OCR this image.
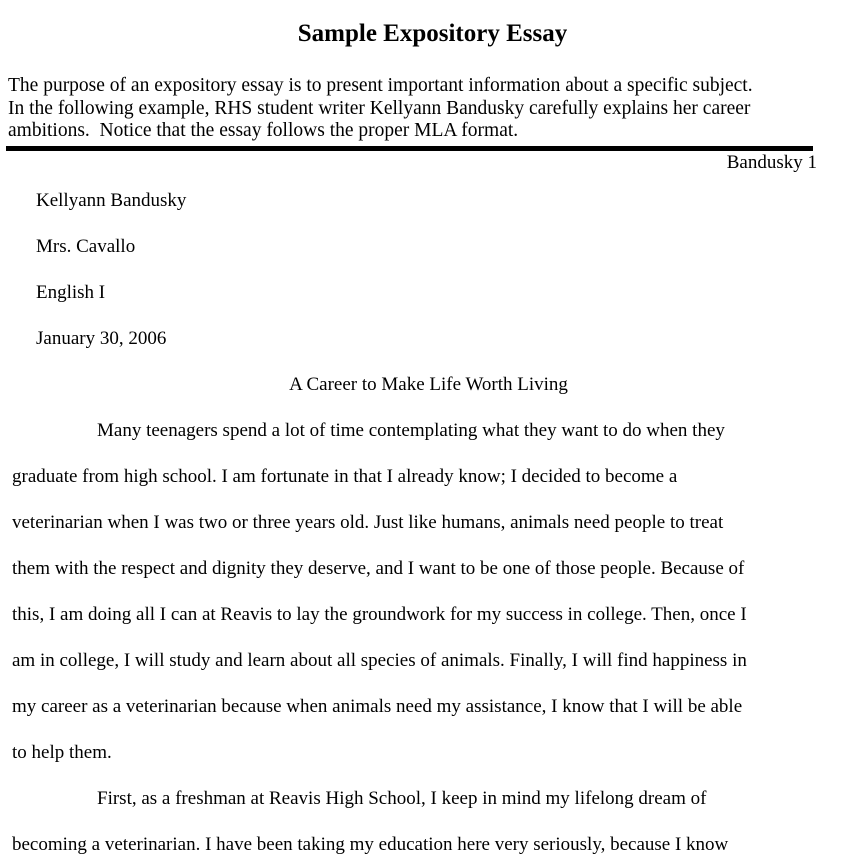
Sample Expository Essay
The purpose of an expository essay is to present important information about a specific subject.
In the following example, RHS student writer Kellyann Bandusky carefully explains her career
ambitions.  Notice that the essay follows the proper MLA format.
Bandusky 1
Kellyann Bandusky
Mrs. Cavallo
English I
January 30, 2006
A Career to Make Life Worth Living
Many teenagers spend a lot of time contemplating what they want to do when they
graduate from high school. I am fortunate in that I already know; I decided to become a
veterinarian when I was two or three years old. Just like humans, animals need people to treat
them with the respect and dignity they deserve, and I want to be one of those people. Because of
this, I am doing all I can at Reavis to lay the groundwork for my success in college. Then, once I
am in college, I will study and learn about all species of animals. Finally, I will find happiness in
my career as a veterinarian because when animals need my assistance, I know that I will be able
to help them.
First, as a freshman at Reavis High School, I keep in mind my lifelong dream of
becoming a veterinarian. I have been taking my education here very seriously, because I know
